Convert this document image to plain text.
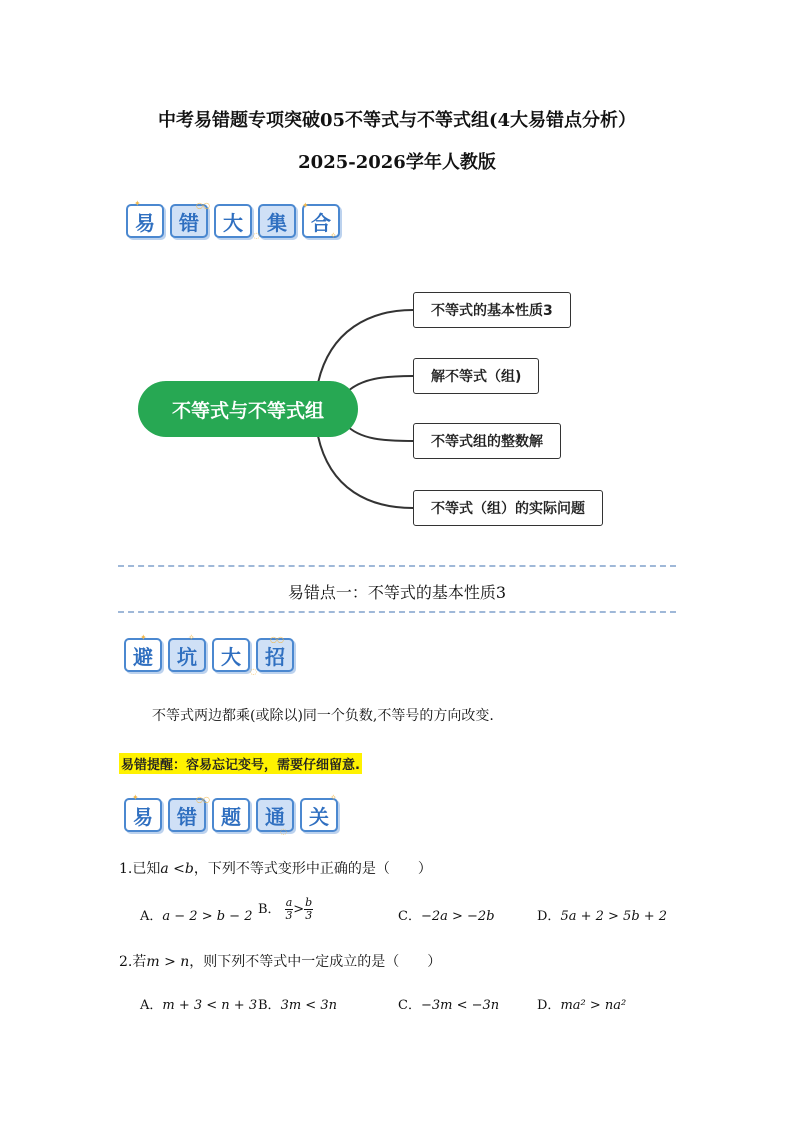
中考易错题专项突破05不等式与不等式组(4大易错点分析）
2025-2026学年人教版
易	错	大	集	合
✦	○○
◌
✦
✧
不等式与不等式组
不等式的基本性质3
解不等式（组)
不等式组的整数解
不等式（组）的实际问题
易错点一：不等式的基本性质3
避	坑	大	招
✦	✧
◌
○○
不等式两边都乘(或除以)同一个负数,不等号的方向改变.
易错提醒：容易忘记变号，需要仔细留意.
易	错	题	通	关
✦	○○
◌
✧
1.已知a <b，下列不等式变形中正确的是（　　）
A．a − 2 > b − 2 B． $\frac{a}{3} > \frac{b}{3}$	C．−2a > −2b	D．5a + 2 > 5b + 2
2.若m > n，则下列不等式中一定成立的是（　　）
A．m + 3 < n + 3 B．3m < 3n	C．−3m < −3n	D．ma² > na²
